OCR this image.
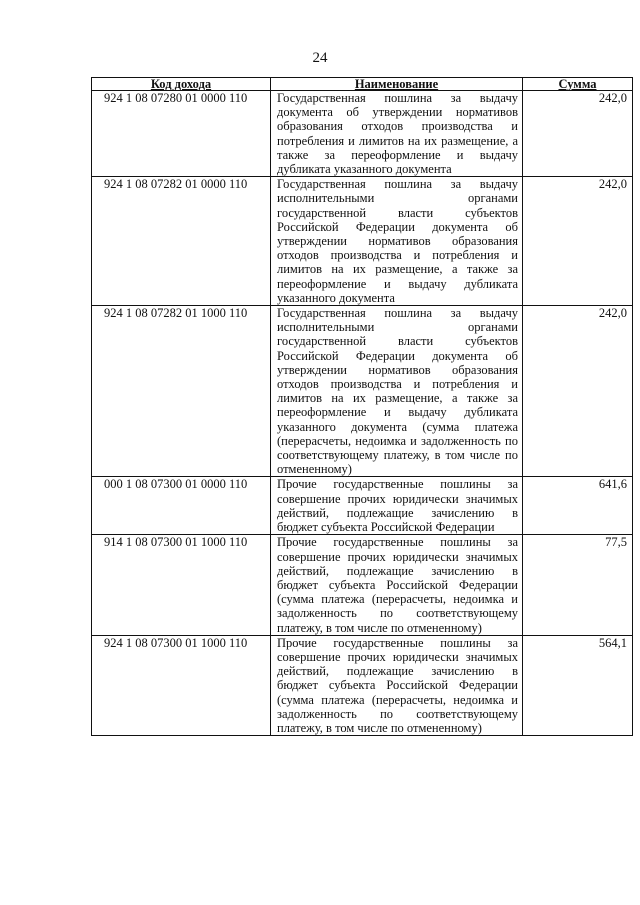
24
Код дохода	Наименование	Сумма
924 1 08 07280 01 0000 110	Государственная пошлина за выдачу документа об утверждении нормативов образования отходов производства и потребления и лимитов на их размещение, а также за переоформление и выдачу дубликата указанного документа	242,0
924 1 08 07282 01 0000 110	Государственная пошлина за выдачу исполнительными органами государственной власти субъектов Российской Федерации документа об утверждении нормативов образования отходов производства и потребления и лимитов на их размещение, а также за переоформление и выдачу дубликата указанного документа	242,0
924 1 08 07282 01 1000 110	Государственная пошлина за выдачу исполнительными органами государственной власти субъектов Российской Федерации документа об утверждении нормативов образования отходов производства и потребления и лимитов на их размещение, а также за переоформление и выдачу дубликата указанного документа (сумма платежа (перерасчеты, недоимка и задолженность по соответствующему платежу, в том числе по отмененному)	242,0
000 1 08 07300 01 0000 110	Прочие государственные пошлины за совершение прочих юридически значимых действий, подлежащие зачислению в бюджет субъекта Российской Федерации	641,6
914 1 08 07300 01 1000 110	Прочие государственные пошлины за совершение прочих юридически значимых действий, подлежащие зачислению в бюджет субъекта Российской Федерации (сумма платежа (перерасчеты, недоимка и задолженность по соответствующему платежу, в том числе по отмененному)	77,5
924 1 08 07300 01 1000 110	Прочие государственные пошлины за совершение прочих юридически значимых действий, подлежащие зачислению в бюджет субъекта Российской Федерации (сумма платежа (перерасчеты, недоимка и задолженность по соответствующему платежу, в том числе по отмененному)	564,1
